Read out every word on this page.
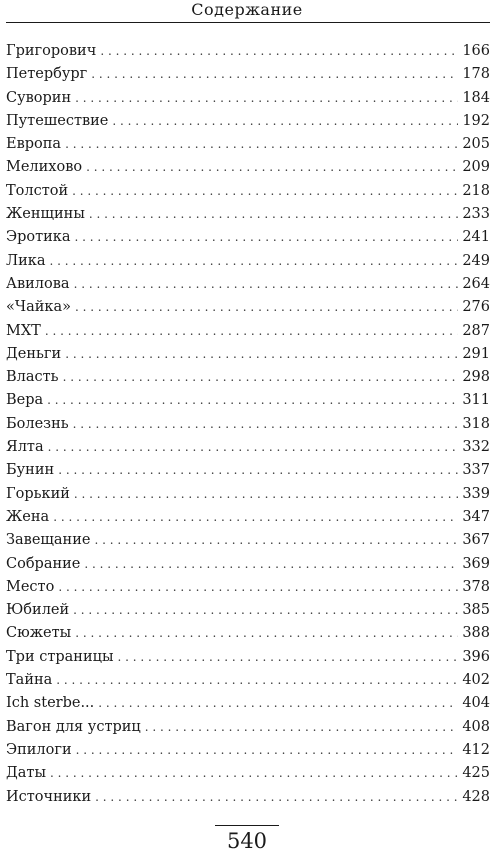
Содержание
Григорович . . .	166
Петербург . . .	178
Суворин . . .	184
Путешествие . . .	192
Европа . . .	205
Мелихово . . .	209
Толстой . . .	218
Женщины . . .	233
Эротика . . .	241
Лика . . .	249
Авилова . . .	264
«Чайка» . . .	276
МХТ . . .	287
Деньги . . .	291
Власть . . .	298
Вера . . .	311
Болезнь . . .	318
Ялта . . .	332
Бунин . . .	337
Горький . . .	339
Жена . . .	347
Завещание . . .	367
Собрание . . .	369
Место . . .	378
Юбилей . . .	385
Сюжеты . . .	388
Три страницы . . .	396
Тайна . . .	402
Ich sterbe... . . .	404
Вагон для устриц . . .	408
Эпилоги . . .	412
Даты . . .	425
Источники . . .	428
540
